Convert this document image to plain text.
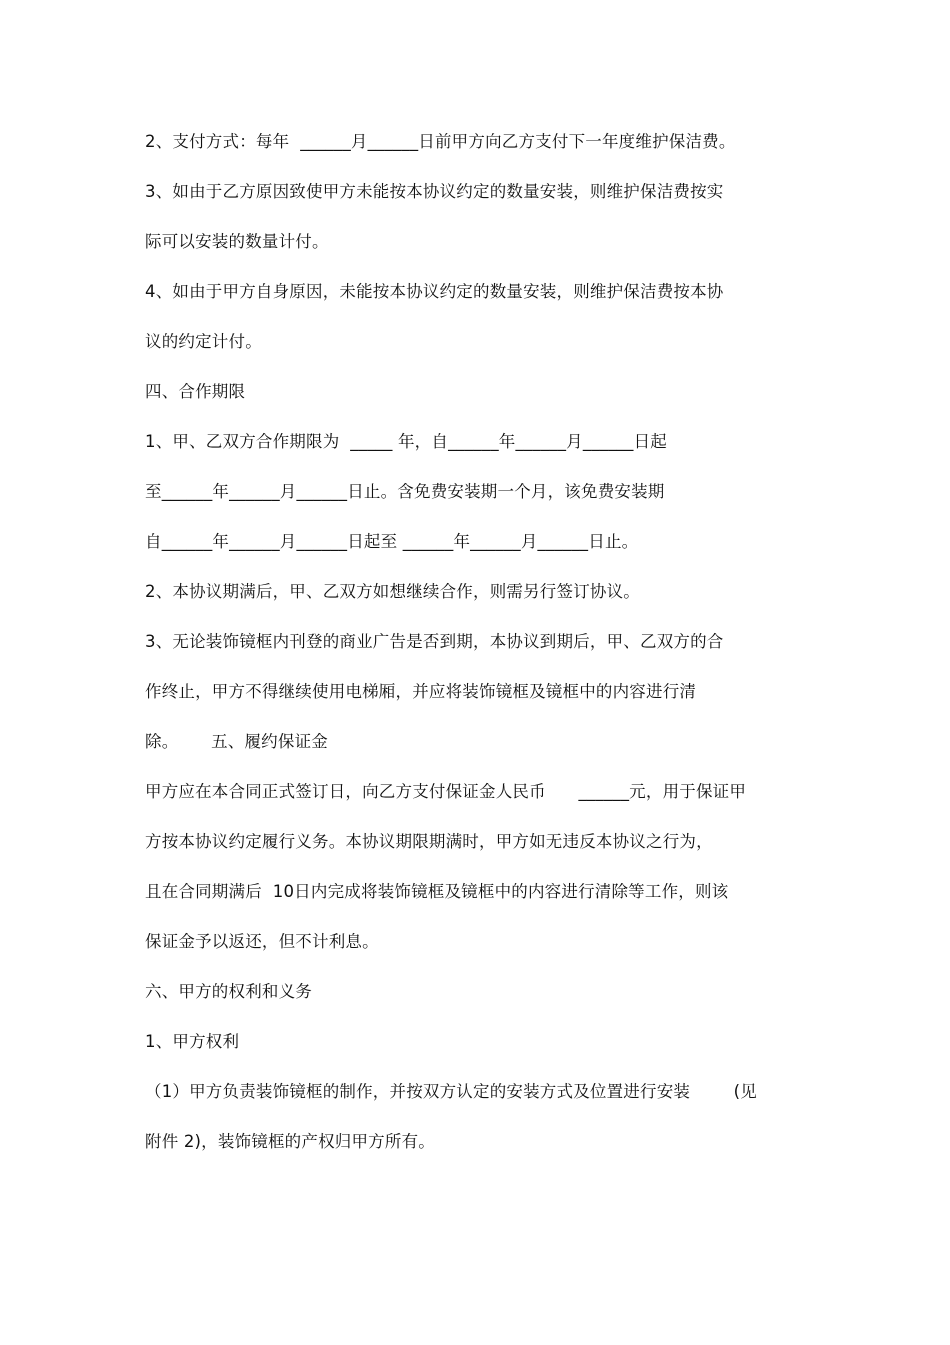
2、支付方式：每年  ______月______日前甲方向乙方支付下一年度维护保洁费。
3、如由于乙方原因致使甲方未能按本协议约定的数量安装，则维护保洁费按实
际可以安装的数量计付。
4、如由于甲方自身原因，未能按本协议约定的数量安装，则维护保洁费按本协
议的约定计付。
四、合作期限
1、甲、乙双方合作期限为  _____ 年，自______年______月______日起
至______年______月______日止。含免费安装期一个月，该免费安装期
自______年______月______日起至 ______年______月______日止。
2、本协议期满后，甲、乙双方如想继续合作，则需另行签订协议。
3、无论装饰镜框内刊登的商业广告是否到期，本协议到期后，甲、乙双方的合
作终止，甲方不得继续使用电梯厢，并应将装饰镜框及镜框中的内容进行清
除。      五、履约保证金
甲方应在本合同正式签订日，向乙方支付保证金人民币      ______元，用于保证甲
方按本协议约定履行义务。本协议期限期满时，甲方如无违反本协议之行为，
且在合同期满后  10日内完成将装饰镜框及镜框中的内容进行清除等工作，则该
保证金予以返还，但不计利息。
六、甲方的权利和义务
1、甲方权利
（1）甲方负责装饰镜框的制作，并按双方认定的安装方式及位置进行安装        (见
附件 2)，装饰镜框的产权归甲方所有。
